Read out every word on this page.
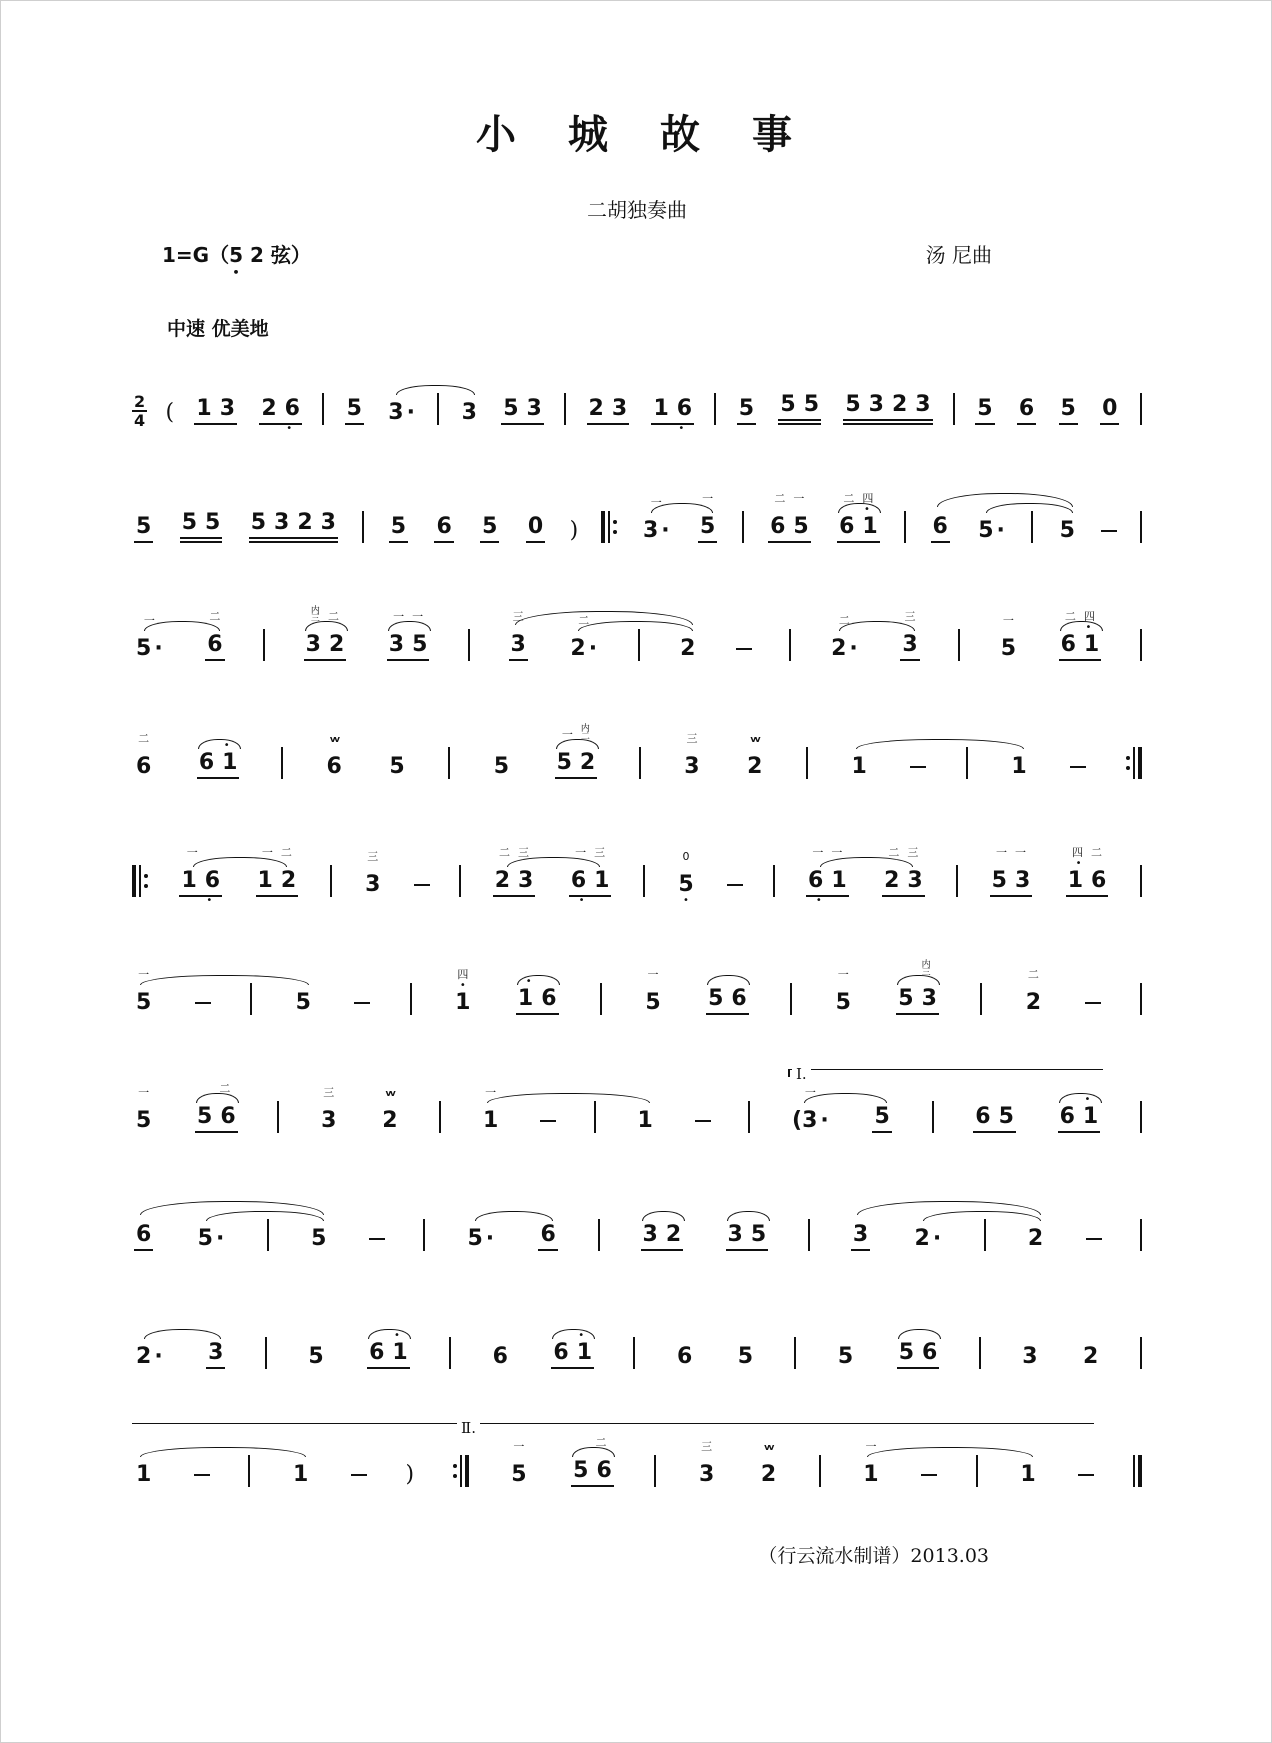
小　城　故　事
二胡独奏曲
1=G（5
•
2 弦）	汤 尼曲
中速 优美地
2
4 ( 1 3 2 6
•
5 3 · 3 5 3 2 3 1 6
•
5 5 5 5 3 2 3 5 6 5 0
5 5 5 5 3 2 3 5 6 5 0 )
一
3 ·
一
5
二 一
6 5
二 四
•
6 1 6 5 · 5
一
5 ·
二
6
内
三 二
3 2
一 一
3 5
三
3
二
2 ·	2
二
2 ·
三
3
一
5
二 四
•
6 1
二
6
•
6 1
vv
6 5	5
一 内
二
5 2
三
3
vv
2	1	1
一
1 6
•
一 二
1 2
三
3
二 三
2 3
一 三
6 1
•
0
5
•
一 一
6 1
•
二 三
2 3
一 一
5 3
四 二
•
1 6
一
5	5
四
•
1
•
1 6
一
5 5 6
一
5
内
三
5 3
二
2
一
5
二
5 6
三
3
vv
2
一
1	1
一
( 3 · 5	6 5
•
6 1
Ⅰ.
6 5 ·	5	5 · 6	3 2 3 5	3 2 ·	2
2 · 3	5
•
6 1	6
•
6 1	6 5	5 5 6	3 2
1	1	)
一
5
二
5 6
三
3
vv
2
一
1	1
Ⅱ.
（行云流水制谱）2013.03
